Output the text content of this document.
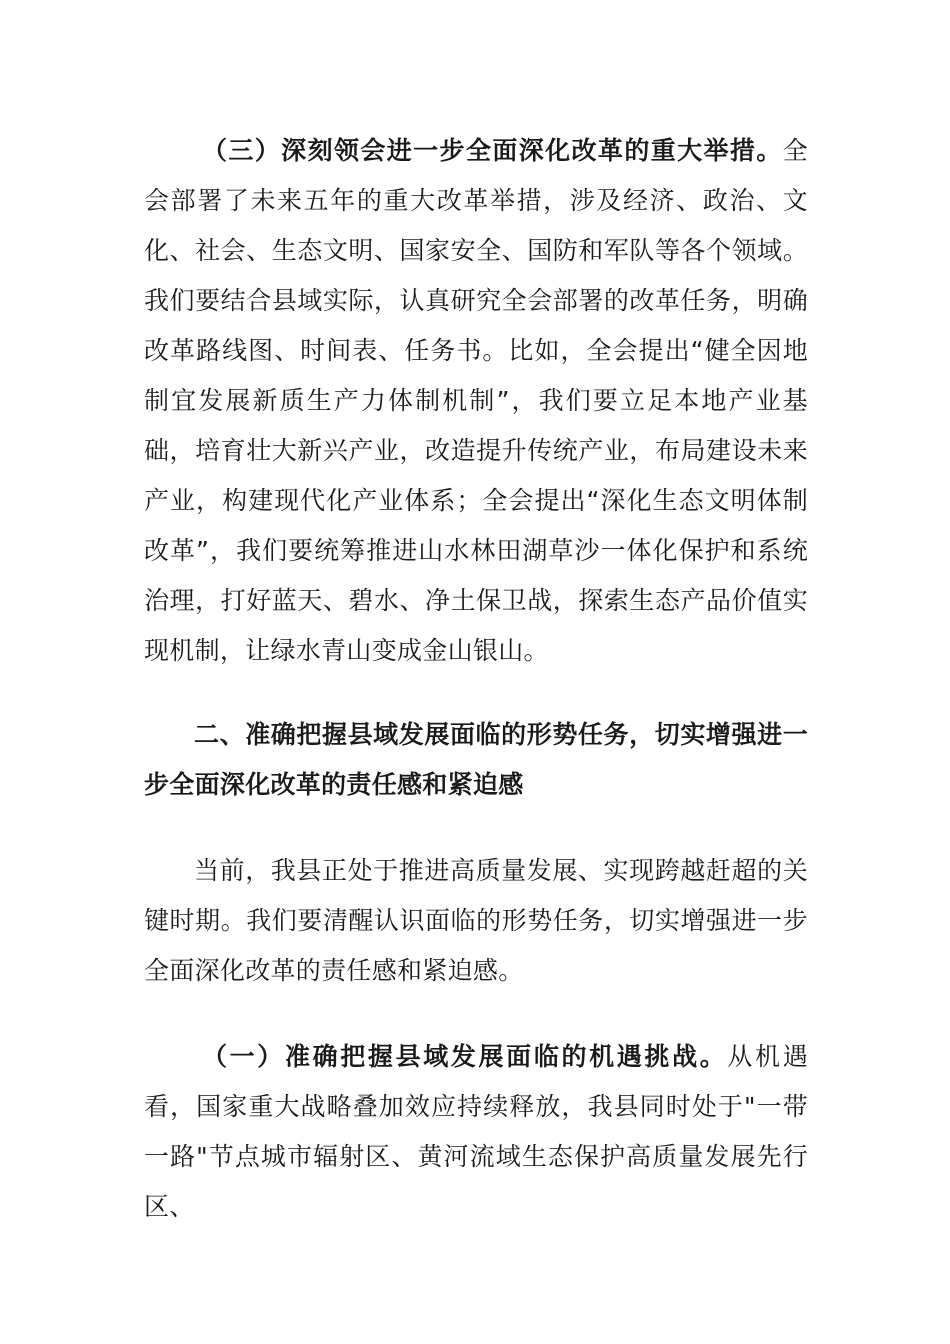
（三）深刻领会进一步全面深化改革的重大举措。全会部署了未来五年的重大改革举措，涉及经济、政治、文化、社会、生态文明、国家安全、国防和军队等各个领域。我们要结合县域实际，认真研究全会部署的改革任务，明确改革路线图、时间表、任务书。比如，全会提出“健全因地制宜发展新质生产力体制机制”，我们要立足本地产业基础，培育壮大新兴产业，改造提升传统产业，布局建设未来产业，构建现代化产业体系；全会提出“深化生态文明体制改革”，我们要统筹推进山水林田湖草沙一体化保护和系统治理，打好蓝天、碧水、净土保卫战，探索生态产品价值实现机制，让绿水青山变成金山银山。

二、准确把握县域发展面临的形势任务，切实增强进一步全面深化改革的责任感和紧迫感

当前，我县正处于推进高质量发展、实现跨越赶超的关键时期。我们要清醒认识面临的形势任务，切实增强进一步全面深化改革的责任感和紧迫感。

（一）准确把握县域发展面临的机遇挑战。从机遇看，国家重大战略叠加效应持续释放，我县同时处于"一带一路"节点城市辐射区、黄河流域生态保护高质量发展先行区、
